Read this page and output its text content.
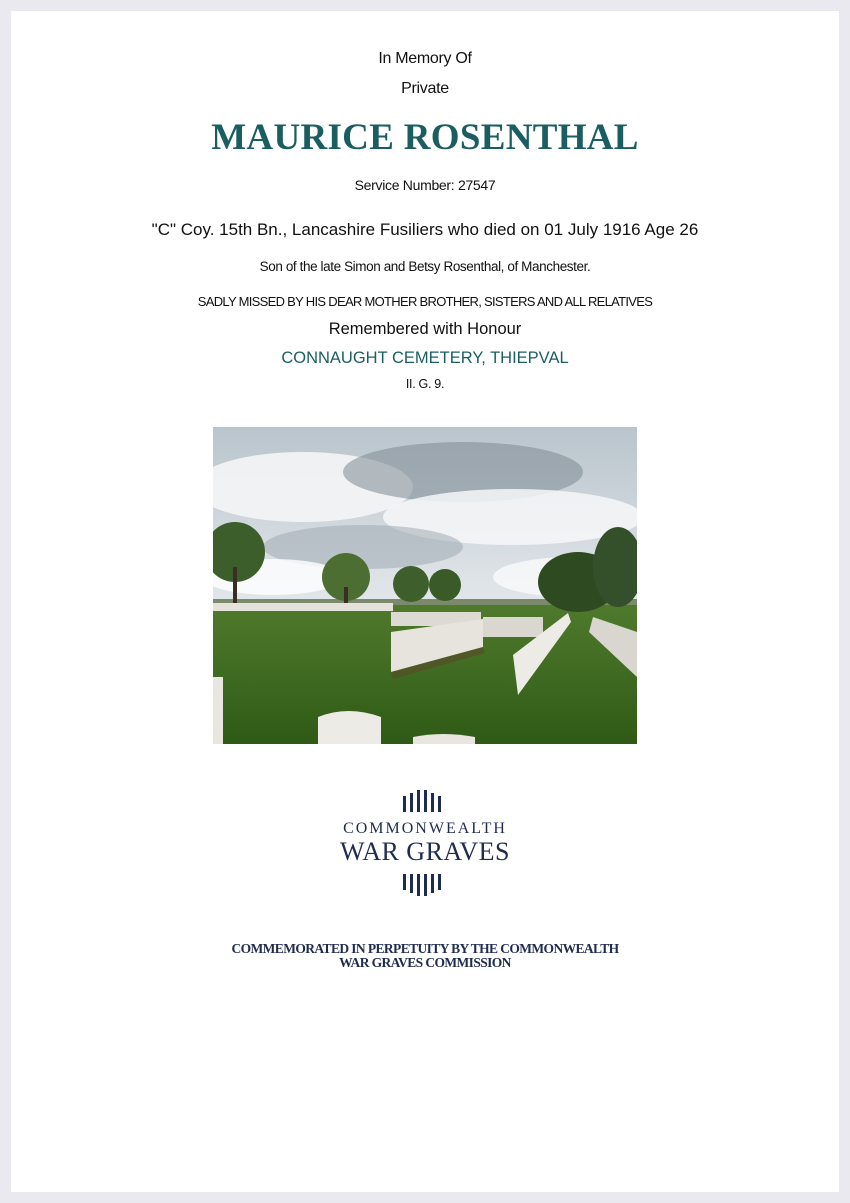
In Memory Of
Private
MAURICE ROSENTHAL
Service Number: 27547
"C" Coy. 15th Bn., Lancashire Fusiliers who died on 01 July 1916 Age 26
Son of the late Simon and Betsy Rosenthal, of Manchester.
SADLY MISSED BY HIS DEAR MOTHER BROTHER, SISTERS AND ALL RELATIVES
Remembered with Honour
CONNAUGHT CEMETERY, THIEPVAL
II. G. 9.
COMMONWEALTH
WAR GRAVES
COMMEMORATED IN PERPETUITY BY THE COMMONWEALTH
WAR GRAVES COMMISSION
